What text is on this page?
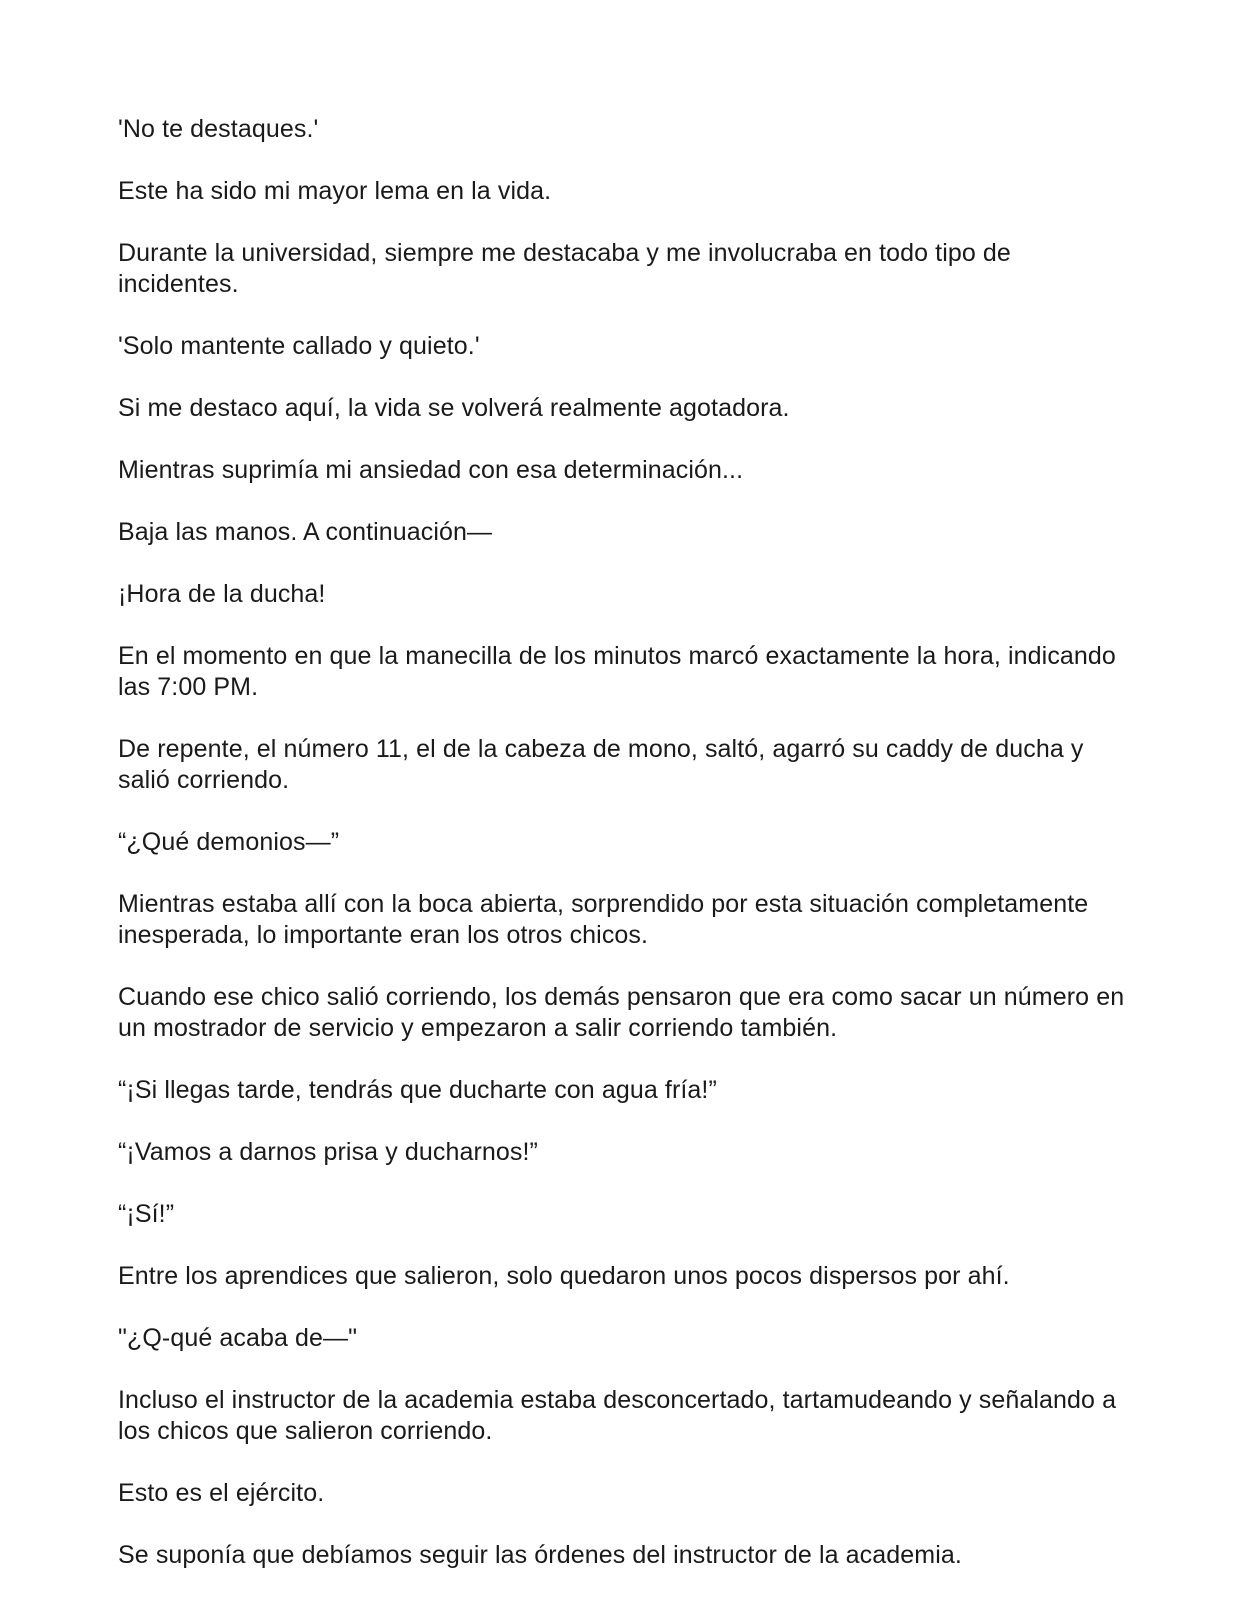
'No te destaques.'

Este ha sido mi mayor lema en la vida.

Durante la universidad, siempre me destacaba y me involucraba en todo tipo de incidentes.

'Solo mantente callado y quieto.'

Si me destaco aquí, la vida se volverá realmente agotadora.

Mientras suprimía mi ansiedad con esa determinación...

Baja las manos. A continuación—

¡Hora de la ducha!

En el momento en que la manecilla de los minutos marcó exactamente la hora, indicando las 7:00 PM.

De repente, el número 11, el de la cabeza de mono, saltó, agarró su caddy de ducha y salió corriendo.

“¿Qué demonios—”

Mientras estaba allí con la boca abierta, sorprendido por esta situación completamente inesperada, lo importante eran los otros chicos.

Cuando ese chico salió corriendo, los demás pensaron que era como sacar un número en un mostrador de servicio y empezaron a salir corriendo también.

“¡Si llegas tarde, tendrás que ducharte con agua fría!”

“¡Vamos a darnos prisa y ducharnos!”

“¡Sí!”

Entre los aprendices que salieron, solo quedaron unos pocos dispersos por ahí.

"¿Q-qué acaba de—"

Incluso el instructor de la academia estaba desconcertado, tartamudeando y señalando a los chicos que salieron corriendo.

Esto es el ejército.

Se suponía que debíamos seguir las órdenes del instructor de la academia.
